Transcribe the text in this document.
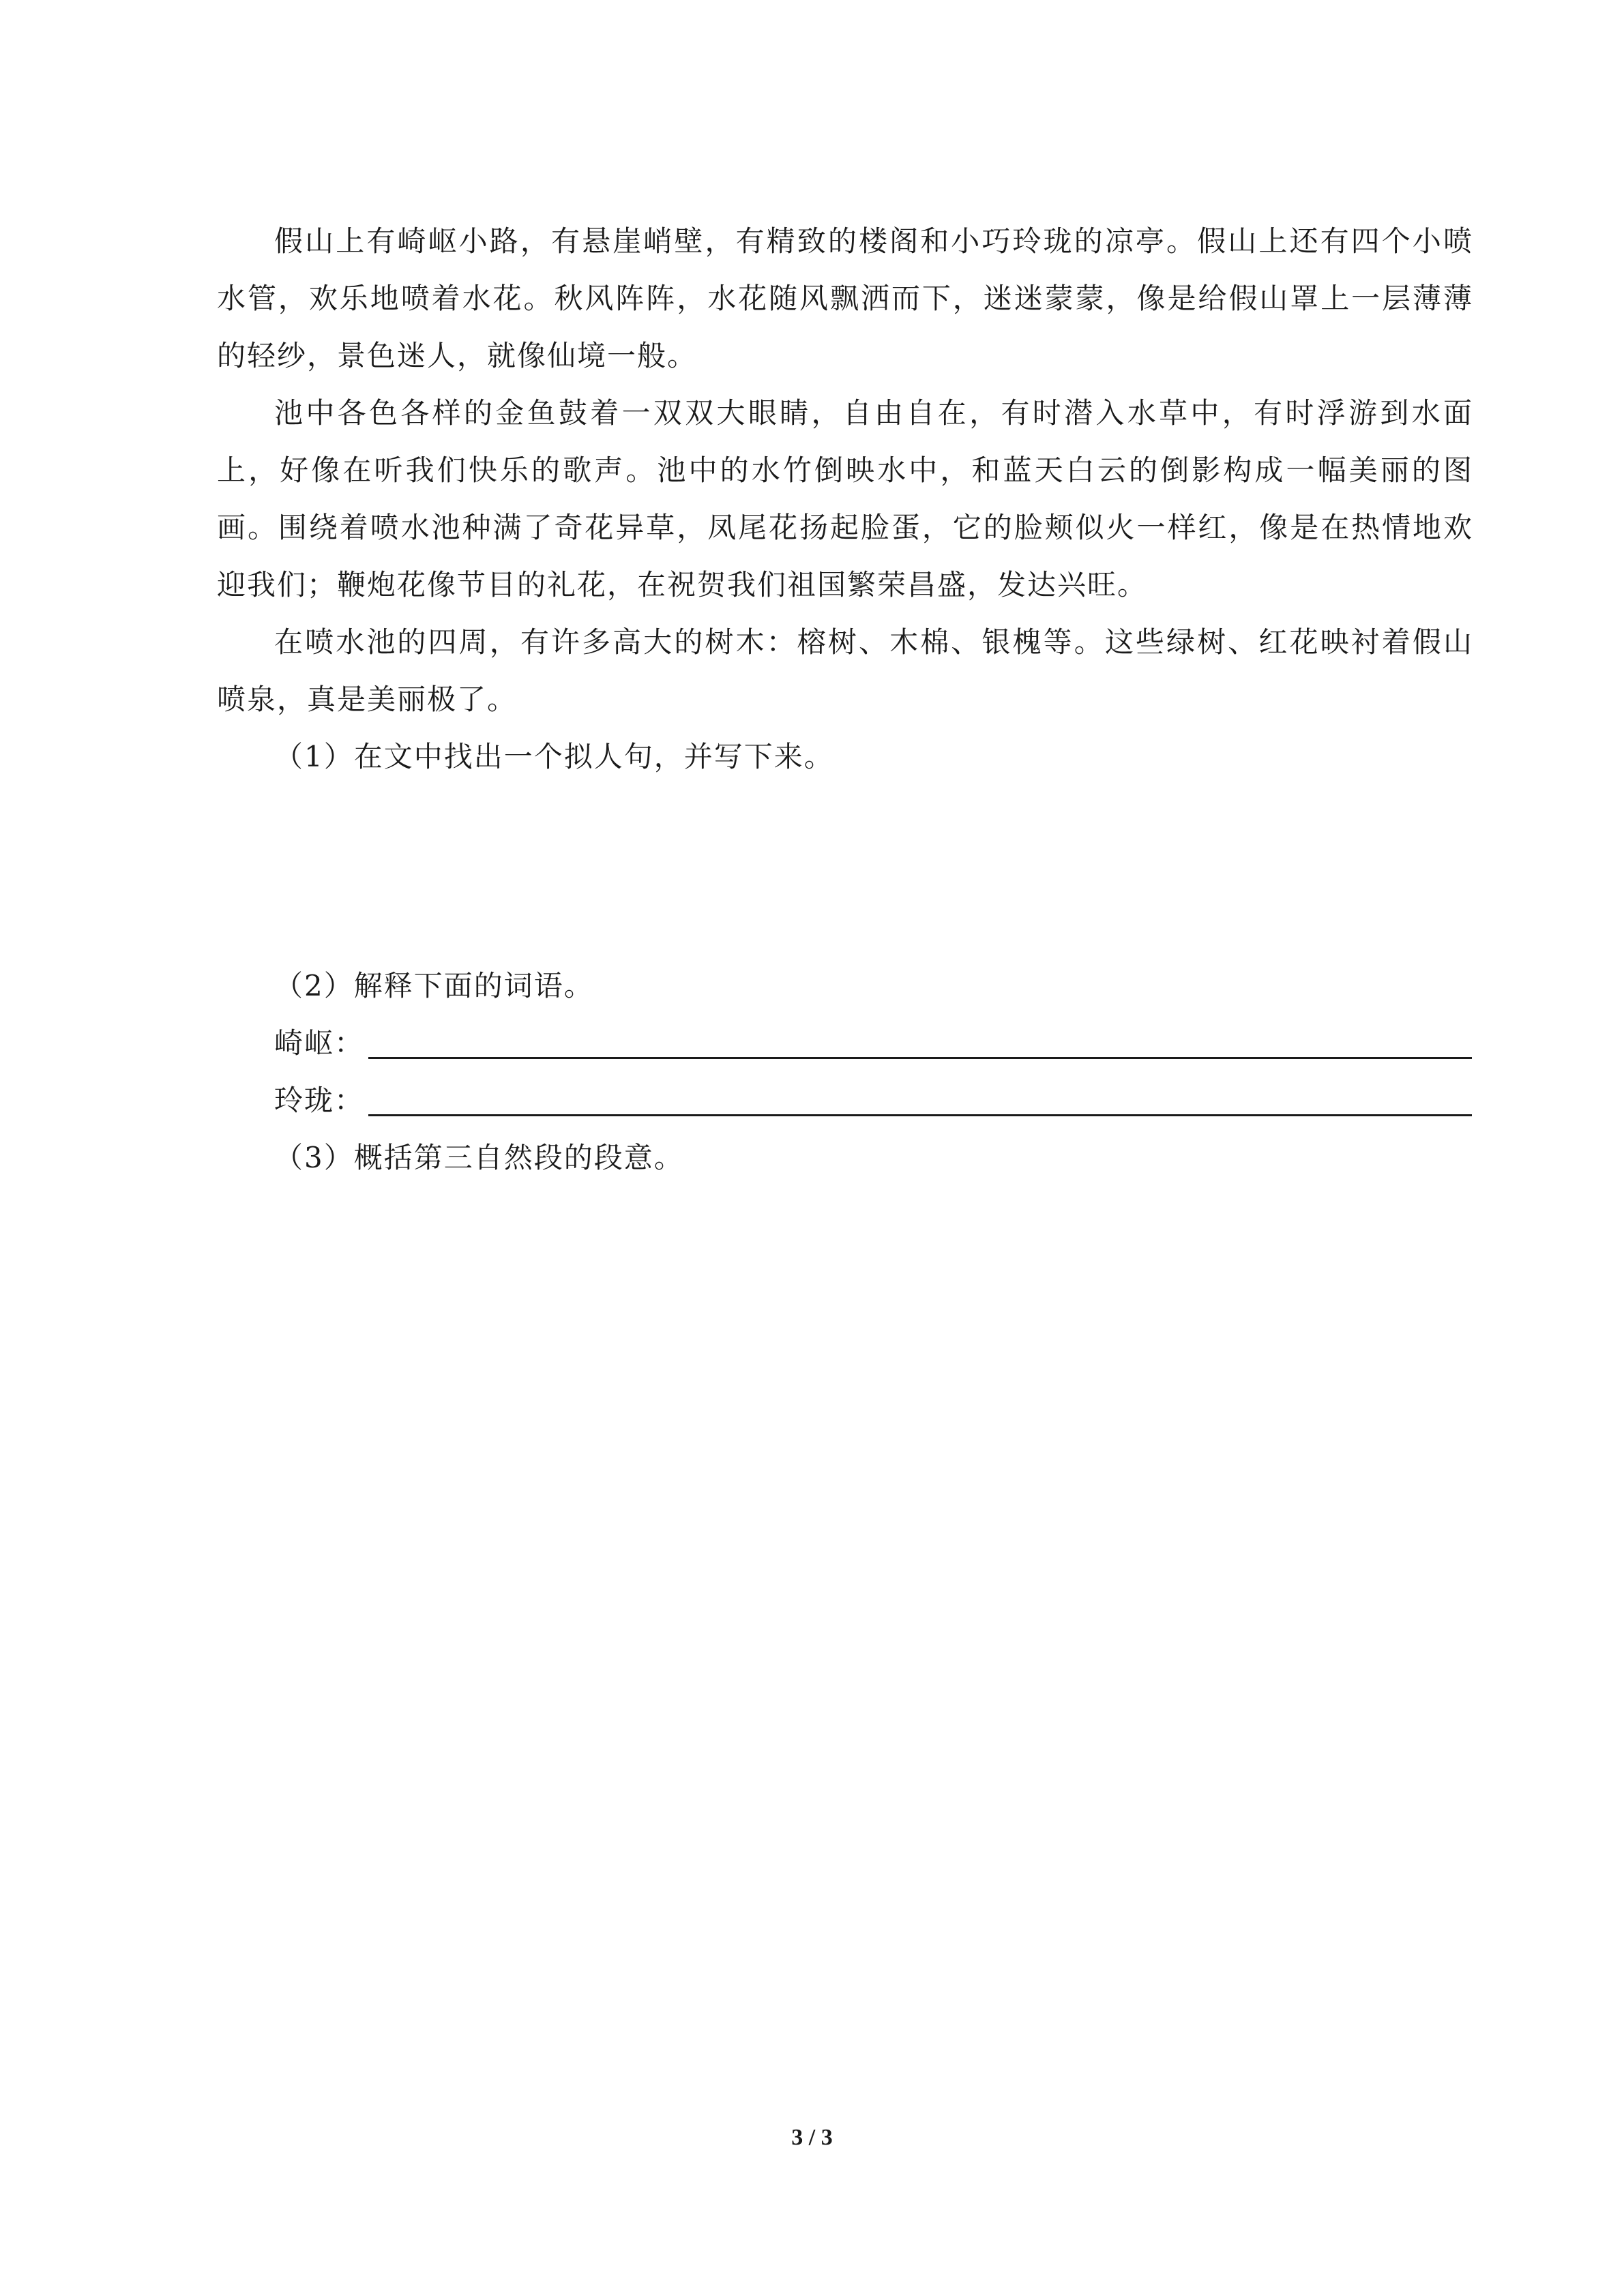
假山上有崎岖小路，有悬崖峭壁，有精致的楼阁和小巧玲珑的凉亭。假山上还有四个小喷水管，欢乐地喷着水花。秋风阵阵，水花随风飘洒而下，迷迷蒙蒙，像是给假山罩上一层薄薄的轻纱，景色迷人，就像仙境一般。

池中各色各样的金鱼鼓着一双双大眼睛，自由自在，有时潜入水草中，有时浮游到水面上，好像在听我们快乐的歌声。池中的水竹倒映水中，和蓝天白云的倒影构成一幅美丽的图画。围绕着喷水池种满了奇花异草，凤尾花扬起脸蛋，它的脸颊似火一样红，像是在热情地欢迎我们；鞭炮花像节目的礼花，在祝贺我们祖国繁荣昌盛，发达兴旺。

在喷水池的四周，有许多高大的树木：榕树、木棉、银槐等。这些绿树、红花映衬着假山喷泉，真是美丽极了。

（1）在文中找出一个拟人句，并写下来。

（2）解释下面的词语。

崎岖：
玲珑：

（3）概括第三自然段的段意。

3 / 3
